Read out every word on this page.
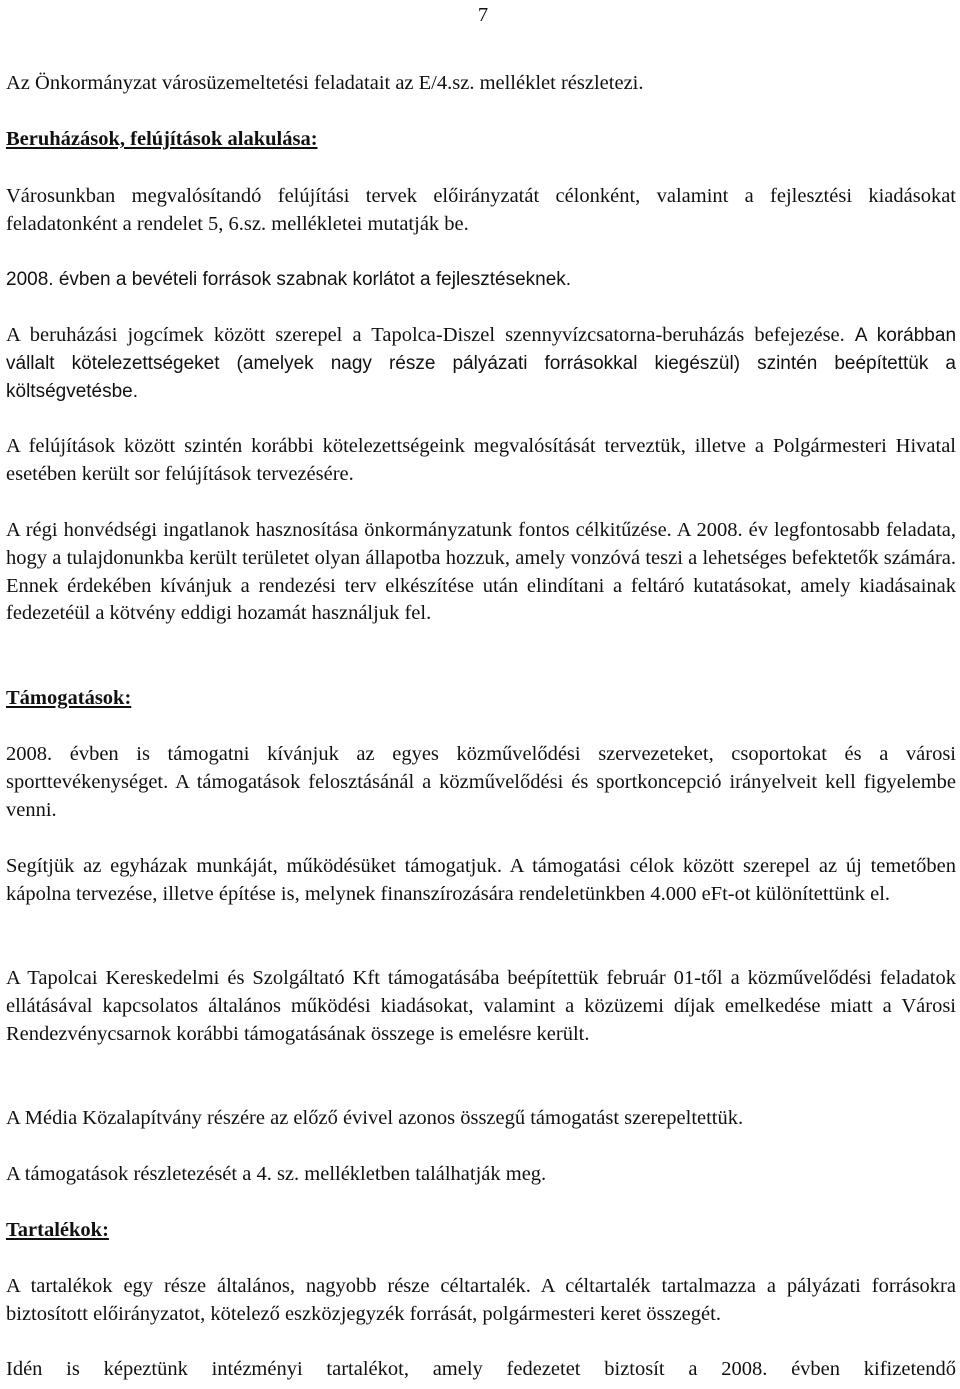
7

Az Önkormányzat városüzemeltetési feladatait az E/4.sz. melléklet részletezi.

Beruházások, felújítások alakulása:

Városunkban megvalósítandó felújítási tervek előirányzatát célonként, valamint a fejlesztési kiadásokat feladatonként a rendelet 5, 6.sz. mellékletei mutatják be.

2008. évben a bevételi források szabnak korlátot a fejlesztéseknek.

A beruházási jogcímek között szerepel a Tapolca-Diszel szennyvízcsatorna-beruházás befejezése. A korábban vállalt kötelezettségeket (amelyek nagy része pályázati forrásokkal kiegészül) szintén beépítettük a költségvetésbe.

A felújítások között szintén korábbi kötelezettségeink megvalósítását terveztük, illetve a Polgármesteri Hivatal esetében került sor felújítások tervezésére.

A régi honvédségi ingatlanok hasznosítása önkormányzatunk fontos célkitűzése. A 2008. év legfontosabb feladata, hogy a tulajdonunkba került területet olyan állapotba hozzuk, amely vonzóvá teszi a lehetséges befektetők számára. Ennek érdekében kívánjuk a rendezési terv elkészítése után elindítani a feltáró kutatásokat, amely kiadásainak fedezetéül a kötvény eddigi hozamát használjuk fel.

Támogatások:

2008. évben is támogatni kívánjuk az egyes közművelődési szervezeteket, csoportokat és a városi sporttevékenységet. A támogatások felosztásánál a közművelődési és sportkoncepció irányelveit kell figyelembe venni.

Segítjük az egyházak munkáját, működésüket támogatjuk. A támogatási célok között szerepel az új temetőben kápolna tervezése, illetve építése is, melynek finanszírozására rendeletünkben 4.000 eFt-ot különítettünk el.

A Tapolcai Kereskedelmi és Szolgáltató Kft támogatásába beépítettük február 01-től a közművelődési feladatok ellátásával kapcsolatos általános működési kiadásokat, valamint a közüzemi díjak emelkedése miatt a Városi Rendezvénycsarnok korábbi támogatásának összege is emelésre került.

A Média Közalapítvány részére az előző évivel azonos összegű támogatást szerepeltettük.

A támogatások részletezését a 4. sz. mellékletben találhatják meg.

Tartalékok:

A tartalékok egy része általános, nagyobb része céltartalék. A céltartalék tartalmazza a pályázati forrásokra biztosított előirányzatot, kötelező eszközjegyzék forrását, polgármesteri keret összegét.

Idén is képeztünk intézményi tartalékot, amely fedezetet biztosít a 2008. évben kifizetendő
